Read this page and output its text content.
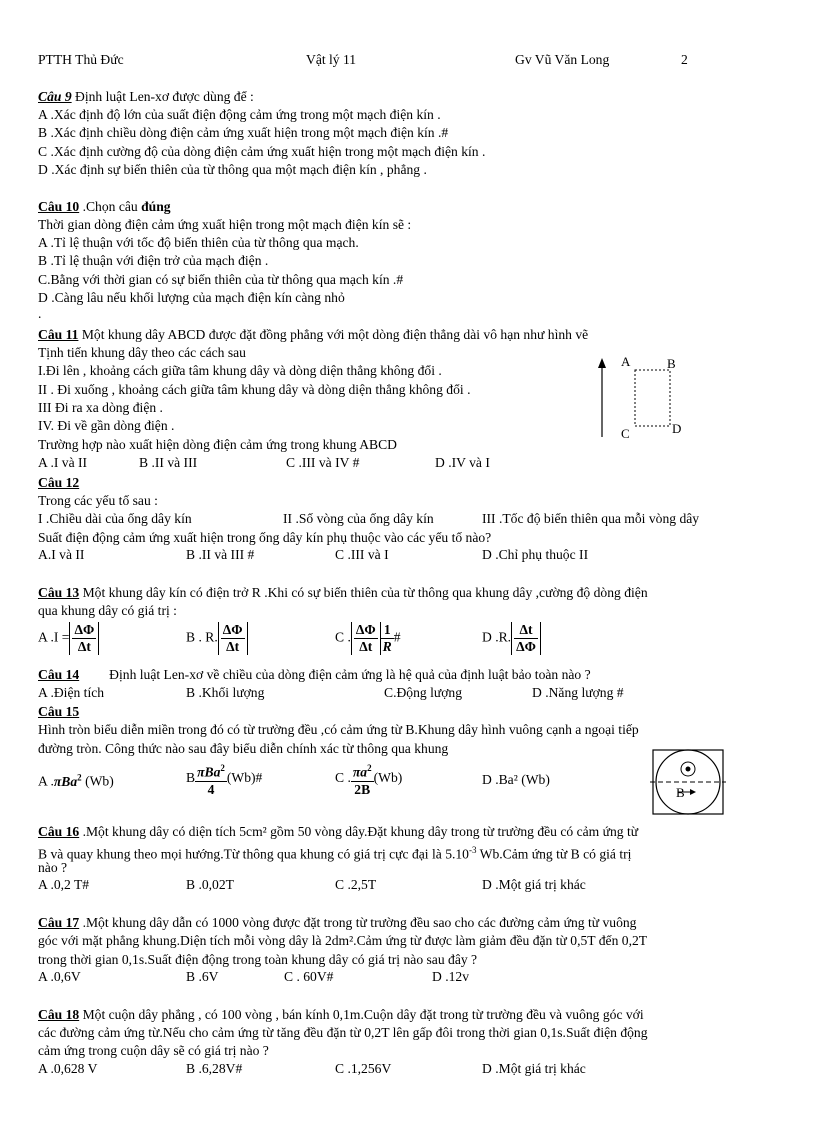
PTTH Thủ Đức	Vật lý 11	Gv Vũ Văn Long	2
Câu 9 Định luật Len-xơ được dùng để :
A .Xác định độ lớn của suất điện động cảm ứng trong một mạch điện kín .
B .Xác định chiều dòng điện cảm ứng xuất hiện trong một mạch điện kín .#
C .Xác định cường độ của dòng điện cảm ứng xuất hiện trong một mạch điện kín .
D .Xác định sự biến thiên của từ thông qua một mạch điện kín , phẳng .
Câu 10 .Chọn câu đúng
Thời gian dòng điện cảm ứng xuất hiện trong một mạch điện kín sẽ :
A .Tỉ lệ thuận với tốc độ biến thiên của từ thông qua mạch.
B .Tỉ lệ thuận với điện trở của mạch điện .
C.Bằng với thời gian có sự biến thiên của từ thông qua mạch kín .#
D .Càng lâu nếu khối lượng của mạch điện kín càng nhỏ
.
Câu 11 Một khung dây ABCD được đặt đồng phẳng với một dòng điện thẳng dài vô hạn như hình vẽ
Tịnh tiến khung dây theo các cách sau
I.Đi lên , khoảng cách giữa tâm khung dây và dòng diện thẳng không đổi .
II . Đi xuống , khoảng cách giữa tâm khung dây và dòng diện thẳng không đổi .
III Đi ra xa dòng điện .
IV. Đi về gần dòng điện .
Trường hợp nào xuất hiện dòng điện cảm ứng trong khung ABCD
A .I và II	B .II và III	C .III và IV #	D .IV và I
A	B
C	D
Câu 12
Trong các yếu tố sau :
I .Chiều dài của ống dây kín	II .Số vòng của ống dây kín	III .Tốc độ biến thiên qua mỗi vòng dây
Suất điện động cảm ứng xuất hiện trong ống dây kín phụ thuộc vào các yếu tố nào?
A.I và II	B .II và III #	C .III và I	D .Chỉ phụ thuộc II
Câu 13 Một khung dây kín có điện trở R .Khi có sự biến thiên của từ thông qua khung dây ,cường độ dòng điện
qua khung dây có giá trị :
A $.I = \frac{\Delta\Phi}{\Delta t}$	B . R. $\frac{\Delta\Phi}{\Delta t}$	C . $\frac{\Delta\Phi}{\Delta t} \frac{1}{R}$ #	D .R. $\frac{\Delta t}{\Delta\Phi}$
Câu 14 Định luật Len-xơ về chiều của dòng điện cảm ứng là hệ quả của định luật bảo toàn nào ?
A .Điện tích	B .Khối lượng	C.Động lượng	D .Năng lượng #
Câu 15
Hình tròn biểu diễn miền trong đó có từ trường đều ,có cảm ứng từ B.Khung dây hình vuông cạnh a ngoại tiếp
đường tròn. Công thức nào sau đây biểu diễn chính xác từ thông qua khung
A .πBa$^2$ (Wb)	B $\frac{\pi Ba^2}{4}$ (Wb)#	C . $\frac{\pi a^2}{2B} (Wb)$	D .Ba² (Wb)
B
Câu 16 .Một khung dây có diện tích 5cm² gồm 50 vòng dây.Đặt khung dây trong từ trường đều có cảm ứng từ
B và quay khung theo mọi hướng.Từ thông qua khung có giá trị cực đại là $5.10^{-3}$ Wb.Cảm ứng từ B có giá trị
nào ?
A .0,2 T#	B .0,02T	C .2,5T	D .Một giá trị khác
Câu 17 .Một khung dây dẫn có 1000 vòng được đặt trong từ trường đều sao cho các đường cảm ứng từ vuông
góc với mặt phẳng khung.Diện tích mỗi vòng dây là 2dm².Cảm ứng từ được làm giảm đều đặn từ 0,5T đến 0,2T
trong thời gian 0,1s.Suất điện động trong toàn khung dây có giá trị nào sau đây ?
A .0,6V	B .6V	C . 60V#	D .12v
Câu 18 Một cuộn dây phẳng , có 100 vòng , bán kính 0,1m.Cuộn dây đặt trong từ trường đều và vuông góc với
các đường cảm ứng từ.Nếu cho cảm ứng từ tăng đều đặn từ 0,2T lên gấp đôi trong thời gian 0,1s.Suất điện động
cảm ứng trong cuộn dây sẽ có giá trị nào ?
A .0,628 V	B .6,28V#	C .1,256V	D .Một giá trị khác
